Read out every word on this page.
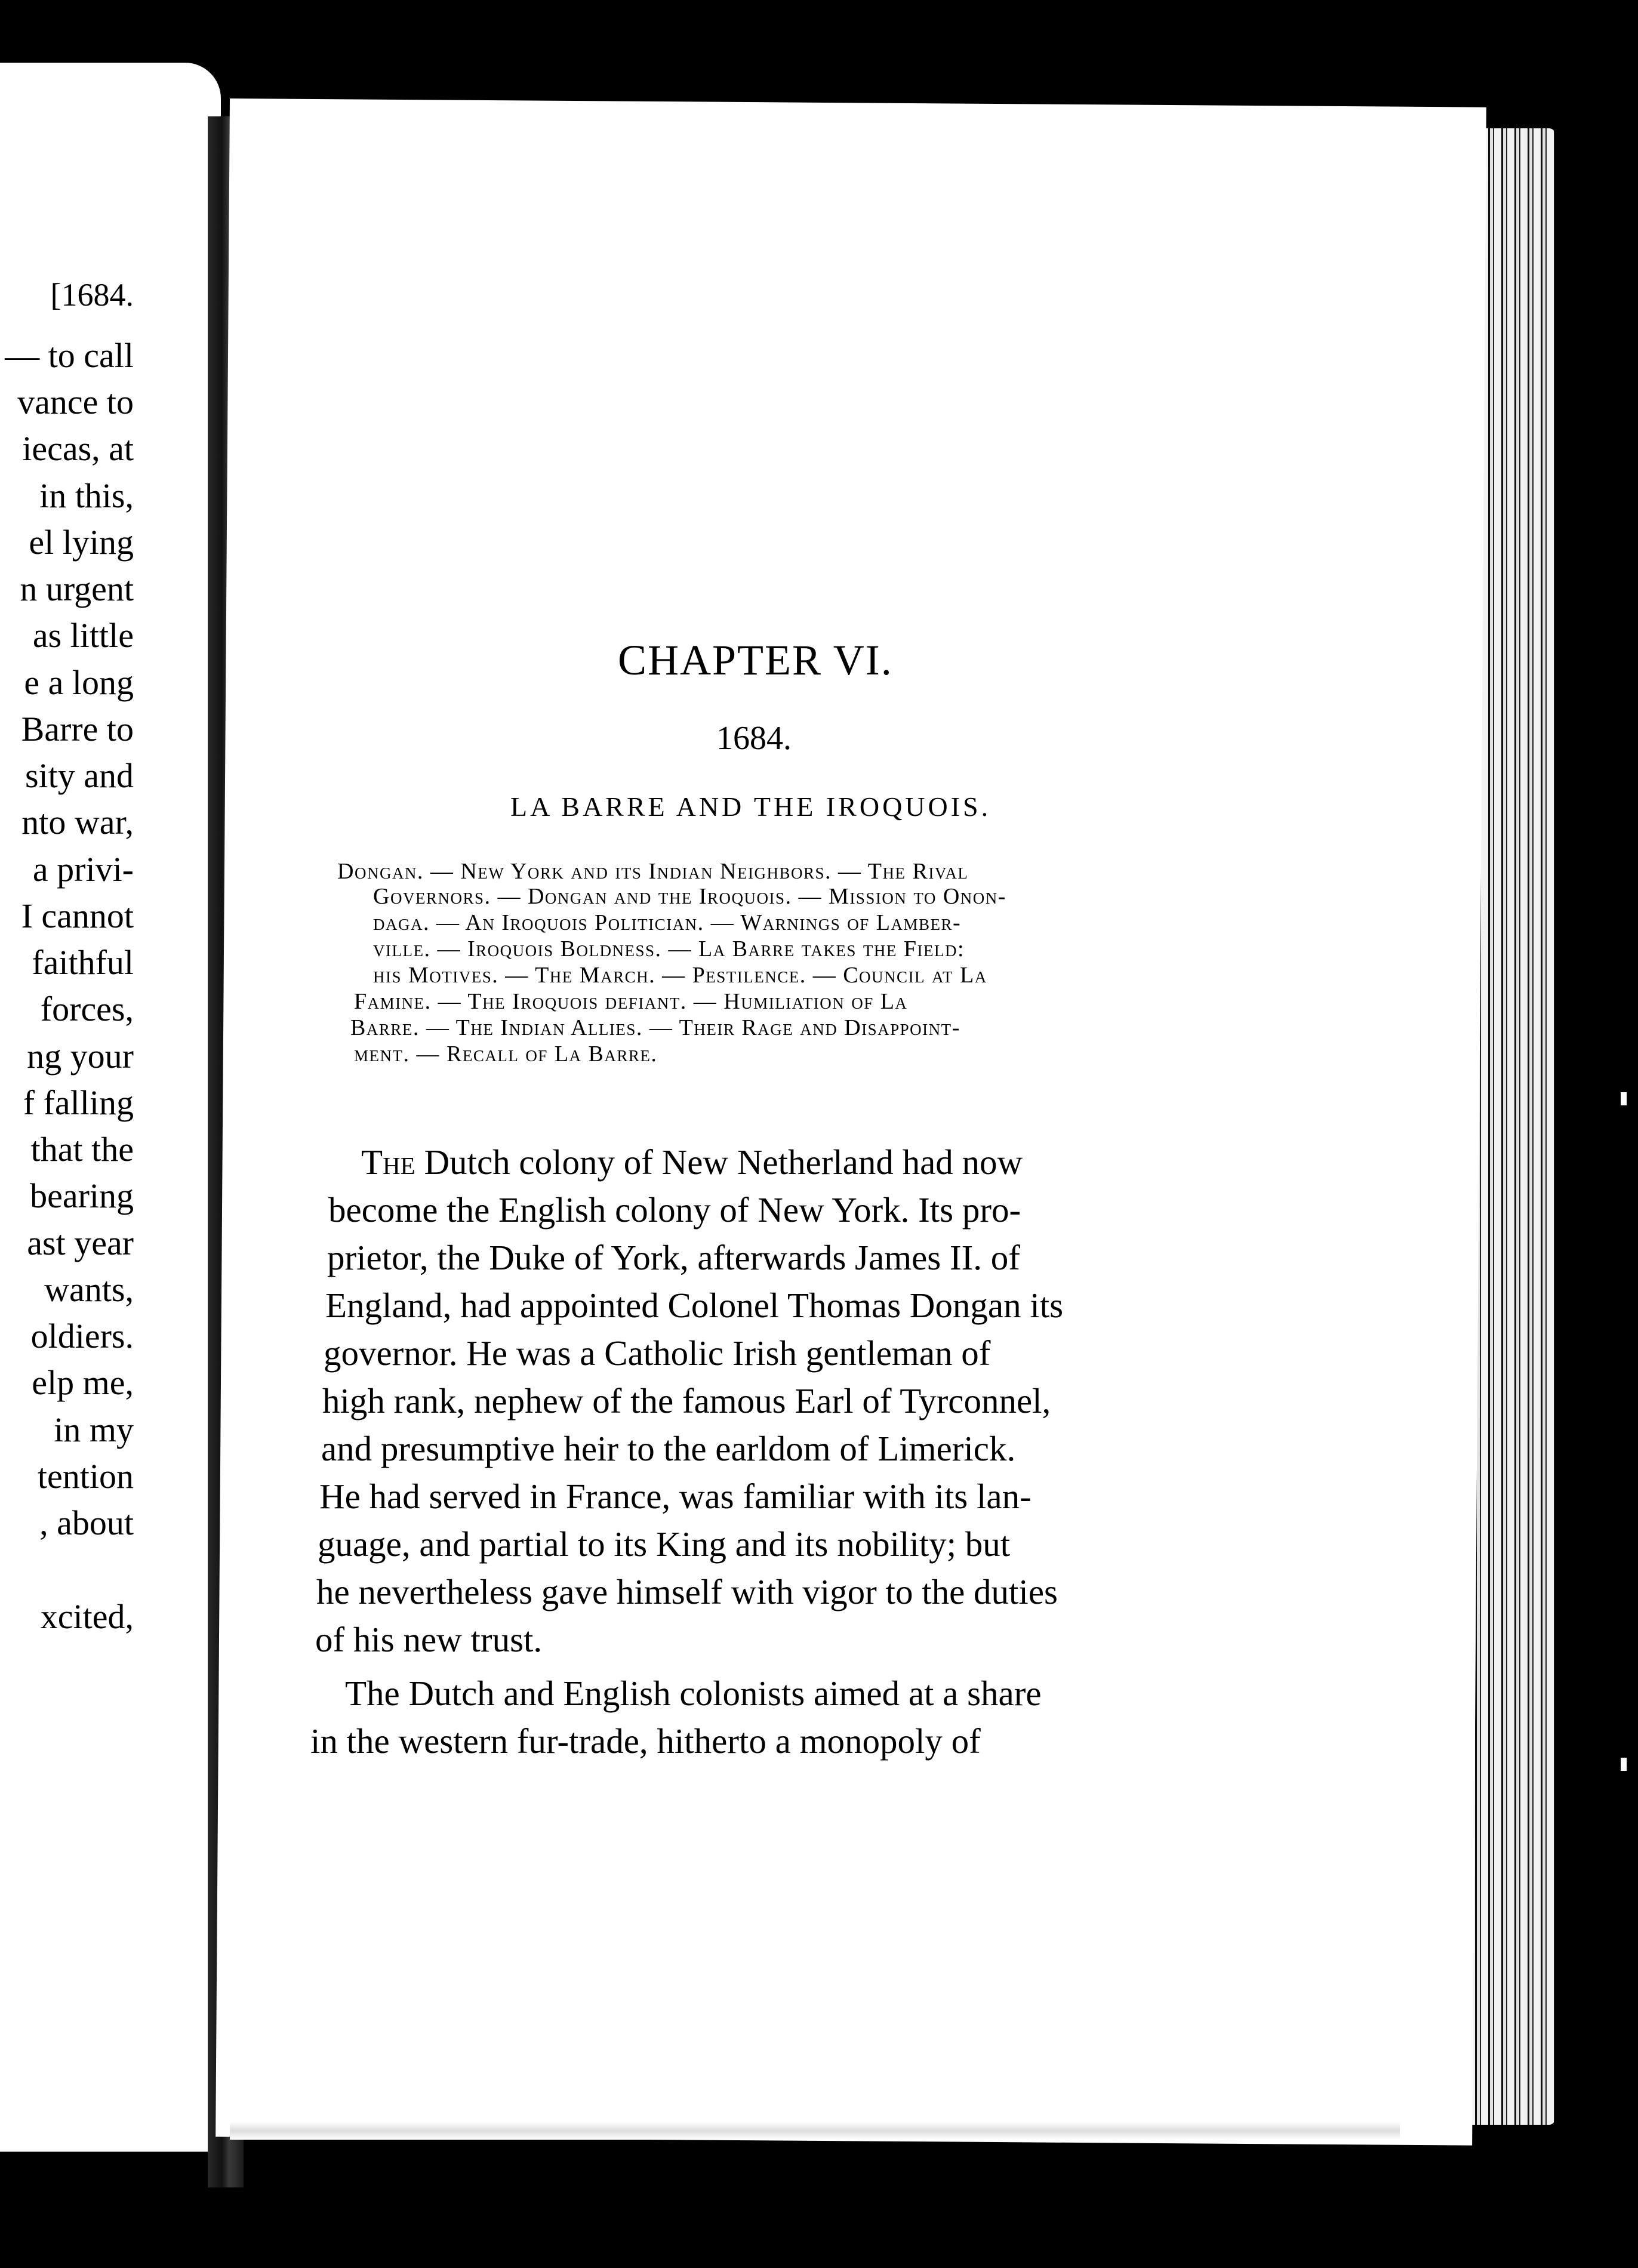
[1684.
— to call
vance to
iecas, at
in this,
el lying
n urgent
as little
e a long
Barre to
sity and
nto war,
a privi-
I cannot
faithful
forces,
ng your
f falling
that the
bearing
ast year
wants,
oldiers.
elp me,
in my
tention
, about
xcited,
CHAPTER VI.
1684.
LA BARRE AND THE IROQUOIS.
Dongan. — New York and its Indian Neighbors. — The Rival
Governors. — Dongan and the Iroquois. — Mission to Onon-
daga. — An Iroquois Politician. — Warnings of Lamber-
ville. — Iroquois Boldness. — La Barre takes the Field:
his Motives. — The March. — Pestilence. — Council at La
Famine. — The Iroquois defiant. — Humiliation of La
Barre. — The Indian Allies. — Their Rage and Disappoint-
ment. — Recall of La Barre.
The Dutch colony of New Netherland had now
become the English colony of New York. Its pro-
prietor, the Duke of York, afterwards James II. of
England, had appointed Colonel Thomas Dongan its
governor. He was a Catholic Irish gentleman of
high rank, nephew of the famous Earl of Tyrconnel,
and presumptive heir to the earldom of Limerick.
He had served in France, was familiar with its lan-
guage, and partial to its King and its nobility; but
he nevertheless gave himself with vigor to the duties
of his new trust.
The Dutch and English colonists aimed at a share
in the western fur-trade, hitherto a monopoly of
